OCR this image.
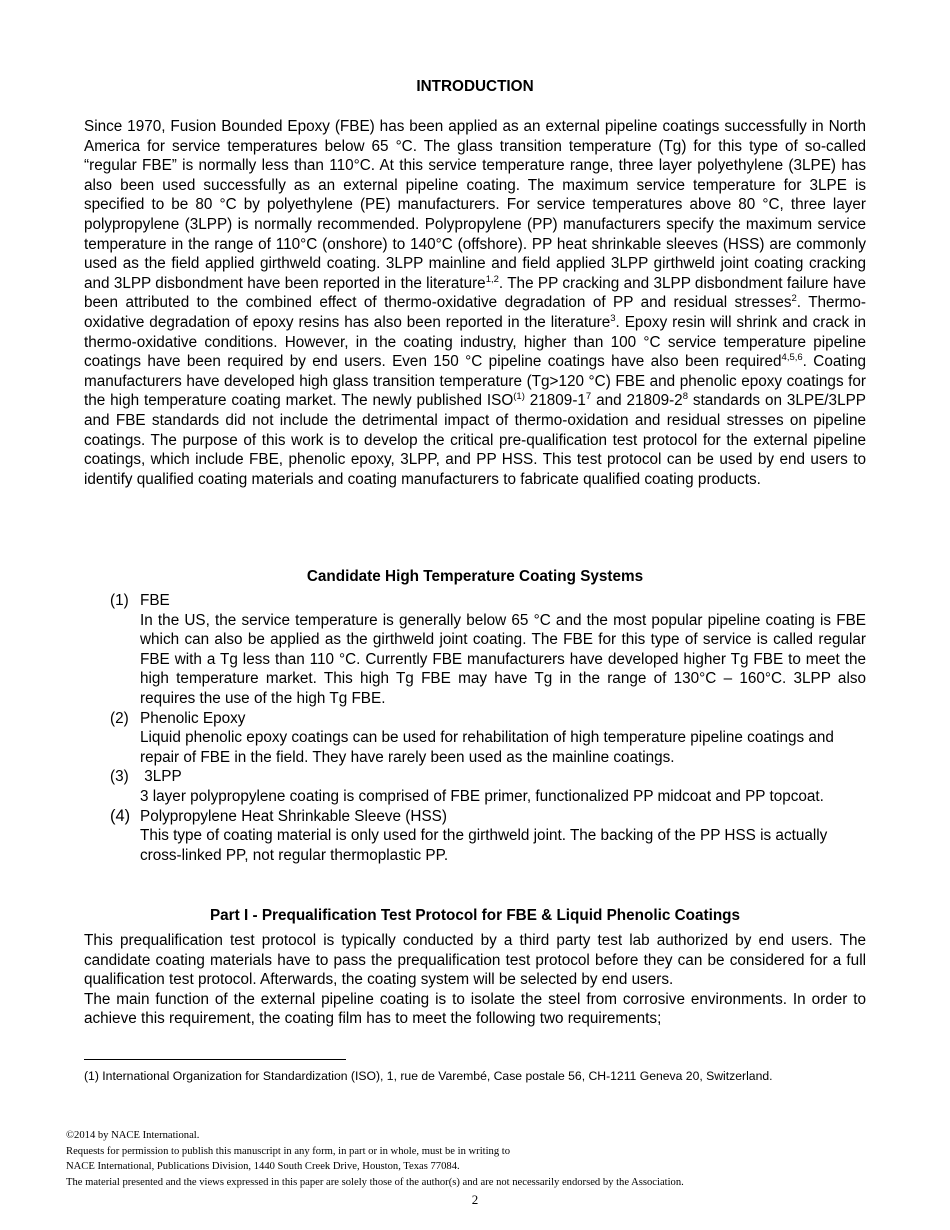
INTRODUCTION

Since 1970, Fusion Bounded Epoxy (FBE) has been applied as an external pipeline coatings successfully in North America for service temperatures below 65 °C. The glass transition temperature (Tg) for this type of so-called “regular FBE” is normally less than 110°C. At this service temperature range, three layer polyethylene (3LPE) has also been used successfully as an external pipeline coating. The maximum service temperature for 3LPE is specified to be 80 °C by polyethylene (PE) manufacturers. For service temperatures above 80 °C, three layer polypropylene (3LPP) is normally recommended. Polypropylene (PP) manufacturers specify the maximum service temperature in the range of 110°C (onshore) to 140°C (offshore). PP heat shrinkable sleeves (HSS) are commonly used as the field applied girthweld coating. 3LPP mainline and field applied 3LPP girthweld joint coating cracking and 3LPP disbondment have been reported in the literature$^{1,2}$. The PP cracking and 3LPP disbondment failure have been attributed to the combined effect of thermo-oxidative degradation of PP and residual stresses$^2$. Thermo-oxidative degradation of epoxy resins has also been reported in the literature$^3$. Epoxy resin will shrink and crack in thermo-oxidative conditions. However, in the coating industry, higher than 100 °C service temperature pipeline coatings have been required by end users. Even 150 °C pipeline coatings have also been required$^{4,5,6}$. Coating manufacturers have developed high glass transition temperature (Tg>120 °C) FBE and phenolic epoxy coatings for the high temperature coating market. The newly published ISO$^{(1)}$ $21809-1^7$ and $21809-2^8$ standards on 3LPE/3LPP and FBE standards did not include the detrimental impact of thermo-oxidation and residual stresses on pipeline coatings. The purpose of this work is to develop the critical pre-qualification test protocol for the external pipeline coatings, which include FBE, phenolic epoxy, 3LPP, and PP HSS. This test protocol can be used by end users to identify qualified coating materials and coating manufacturers to fabricate qualified coating products.

Candidate High Temperature Coating Systems
(1) FBE
In the US, the service temperature is generally below 65 °C and the most popular pipeline coating is FBE which can also be applied as the girthweld joint coating. The FBE for this type of service is called regular FBE with a Tg less than 110 °C. Currently FBE manufacturers have developed higher Tg FBE to meet the high temperature market. This high Tg FBE may have Tg in the range of 130°C – 160°C. 3LPP also requires the use of the high Tg FBE.
(2) Phenolic Epoxy
Liquid phenolic epoxy coatings can be used for rehabilitation of high temperature pipeline coatings and repair of FBE in the field. They have rarely been used as the mainline coatings.
(3) 3LPP
3 layer polypropylene coating is comprised of FBE primer, functionalized PP midcoat and PP topcoat.
(4) Polypropylene Heat Shrinkable Sleeve (HSS)
This type of coating material is only used for the girthweld joint. The backing of the PP HSS is actually cross-linked PP, not regular thermoplastic PP.
Part I - Prequalification Test Protocol for FBE & Liquid Phenolic Coatings

This prequalification test protocol is typically conducted by a third party test lab authorized by end users. The candidate coating materials have to pass the prequalification test protocol before they can be considered for a full qualification test protocol. Afterwards, the coating system will be selected by end users.

The main function of the external pipeline coating is to isolate the steel from corrosive environments. In order to achieve this requirement, the coating film has to meet the following two requirements;

(1) International Organization for Standardization (ISO), 1, rue de Varembé, Case postale 56, CH-1211 Geneva 20, Switzerland.
©2014 by NACE International.
Requests for permission to publish this manuscript in any form, in part or in whole, must be in writing to
NACE International, Publications Division, 1440 South Creek Drive, Houston, Texas 77084.
The material presented and the views expressed in this paper are solely those of the author(s) and are not necessarily endorsed by the Association.
2
